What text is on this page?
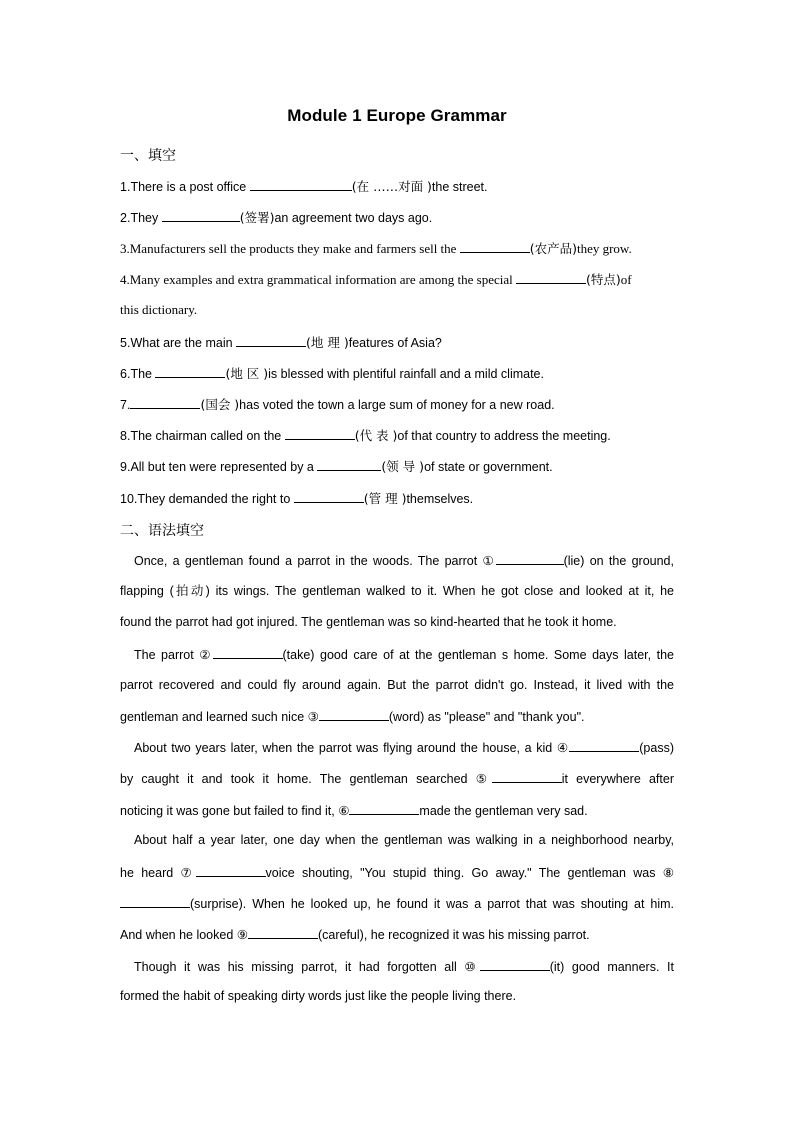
Module 1 Europe Grammar
一、填空
1.There is a post office	(在 ……对面 )the street.
2.They	(签署)an agreement two days ago.
3.Manufacturers sell the products they make and farmers sell the	(农产品)they grow.
4.Many examples and extra grammatical information are among the special	(特点)of
this dictionary.
5.What are the main	(地 理 )features of Asia?
6.The	(地 区 )is blessed with plentiful rainfall and a mild climate.
7.	(国会 )has voted the town a large sum of money for a new road.
8.The chairman called on the	(代 表 )of that country to address the meeting.
9.All but ten were represented by a	(领 导 )of state or government.
10.They demanded the right to	(管 理 )themselves.
二、语法填空
Once, a gentleman found a parrot in the woods. The parrot ①	(lie) on the ground,
flapping (拍动) its wings. The gentleman walked to it. When he got close and looked at it, he
found the parrot had got injured. The gentleman was so kind-hearted that he took it home.
The parrot ②	(take) good care of at the gentleman s home. Some days later, the
parrot recovered and could fly around again. But the parrot didn't go. Instead, it lived with the
gentleman and learned such nice ③	(word) as "please" and "thank you".
About two years later, when the parrot was flying around the house, a kid ④	(pass)
by caught it and took it home. The gentleman searched ⑤	it everywhere after
noticing it was gone but failed to find it, ⑥	made the gentleman very sad.
About half a year later, one day when the gentleman was walking in a neighborhood nearby,
he heard ⑦	voice shouting, "You stupid thing. Go away." The gentleman was ⑧
(surprise). When he looked up, he found it was a parrot that was shouting at him.
And when he looked ⑨	(careful), he recognized it was his missing parrot.
Though it was his missing parrot, it had forgotten all ⑩	(it) good manners. It
formed the habit of speaking dirty words just like the people living there.
